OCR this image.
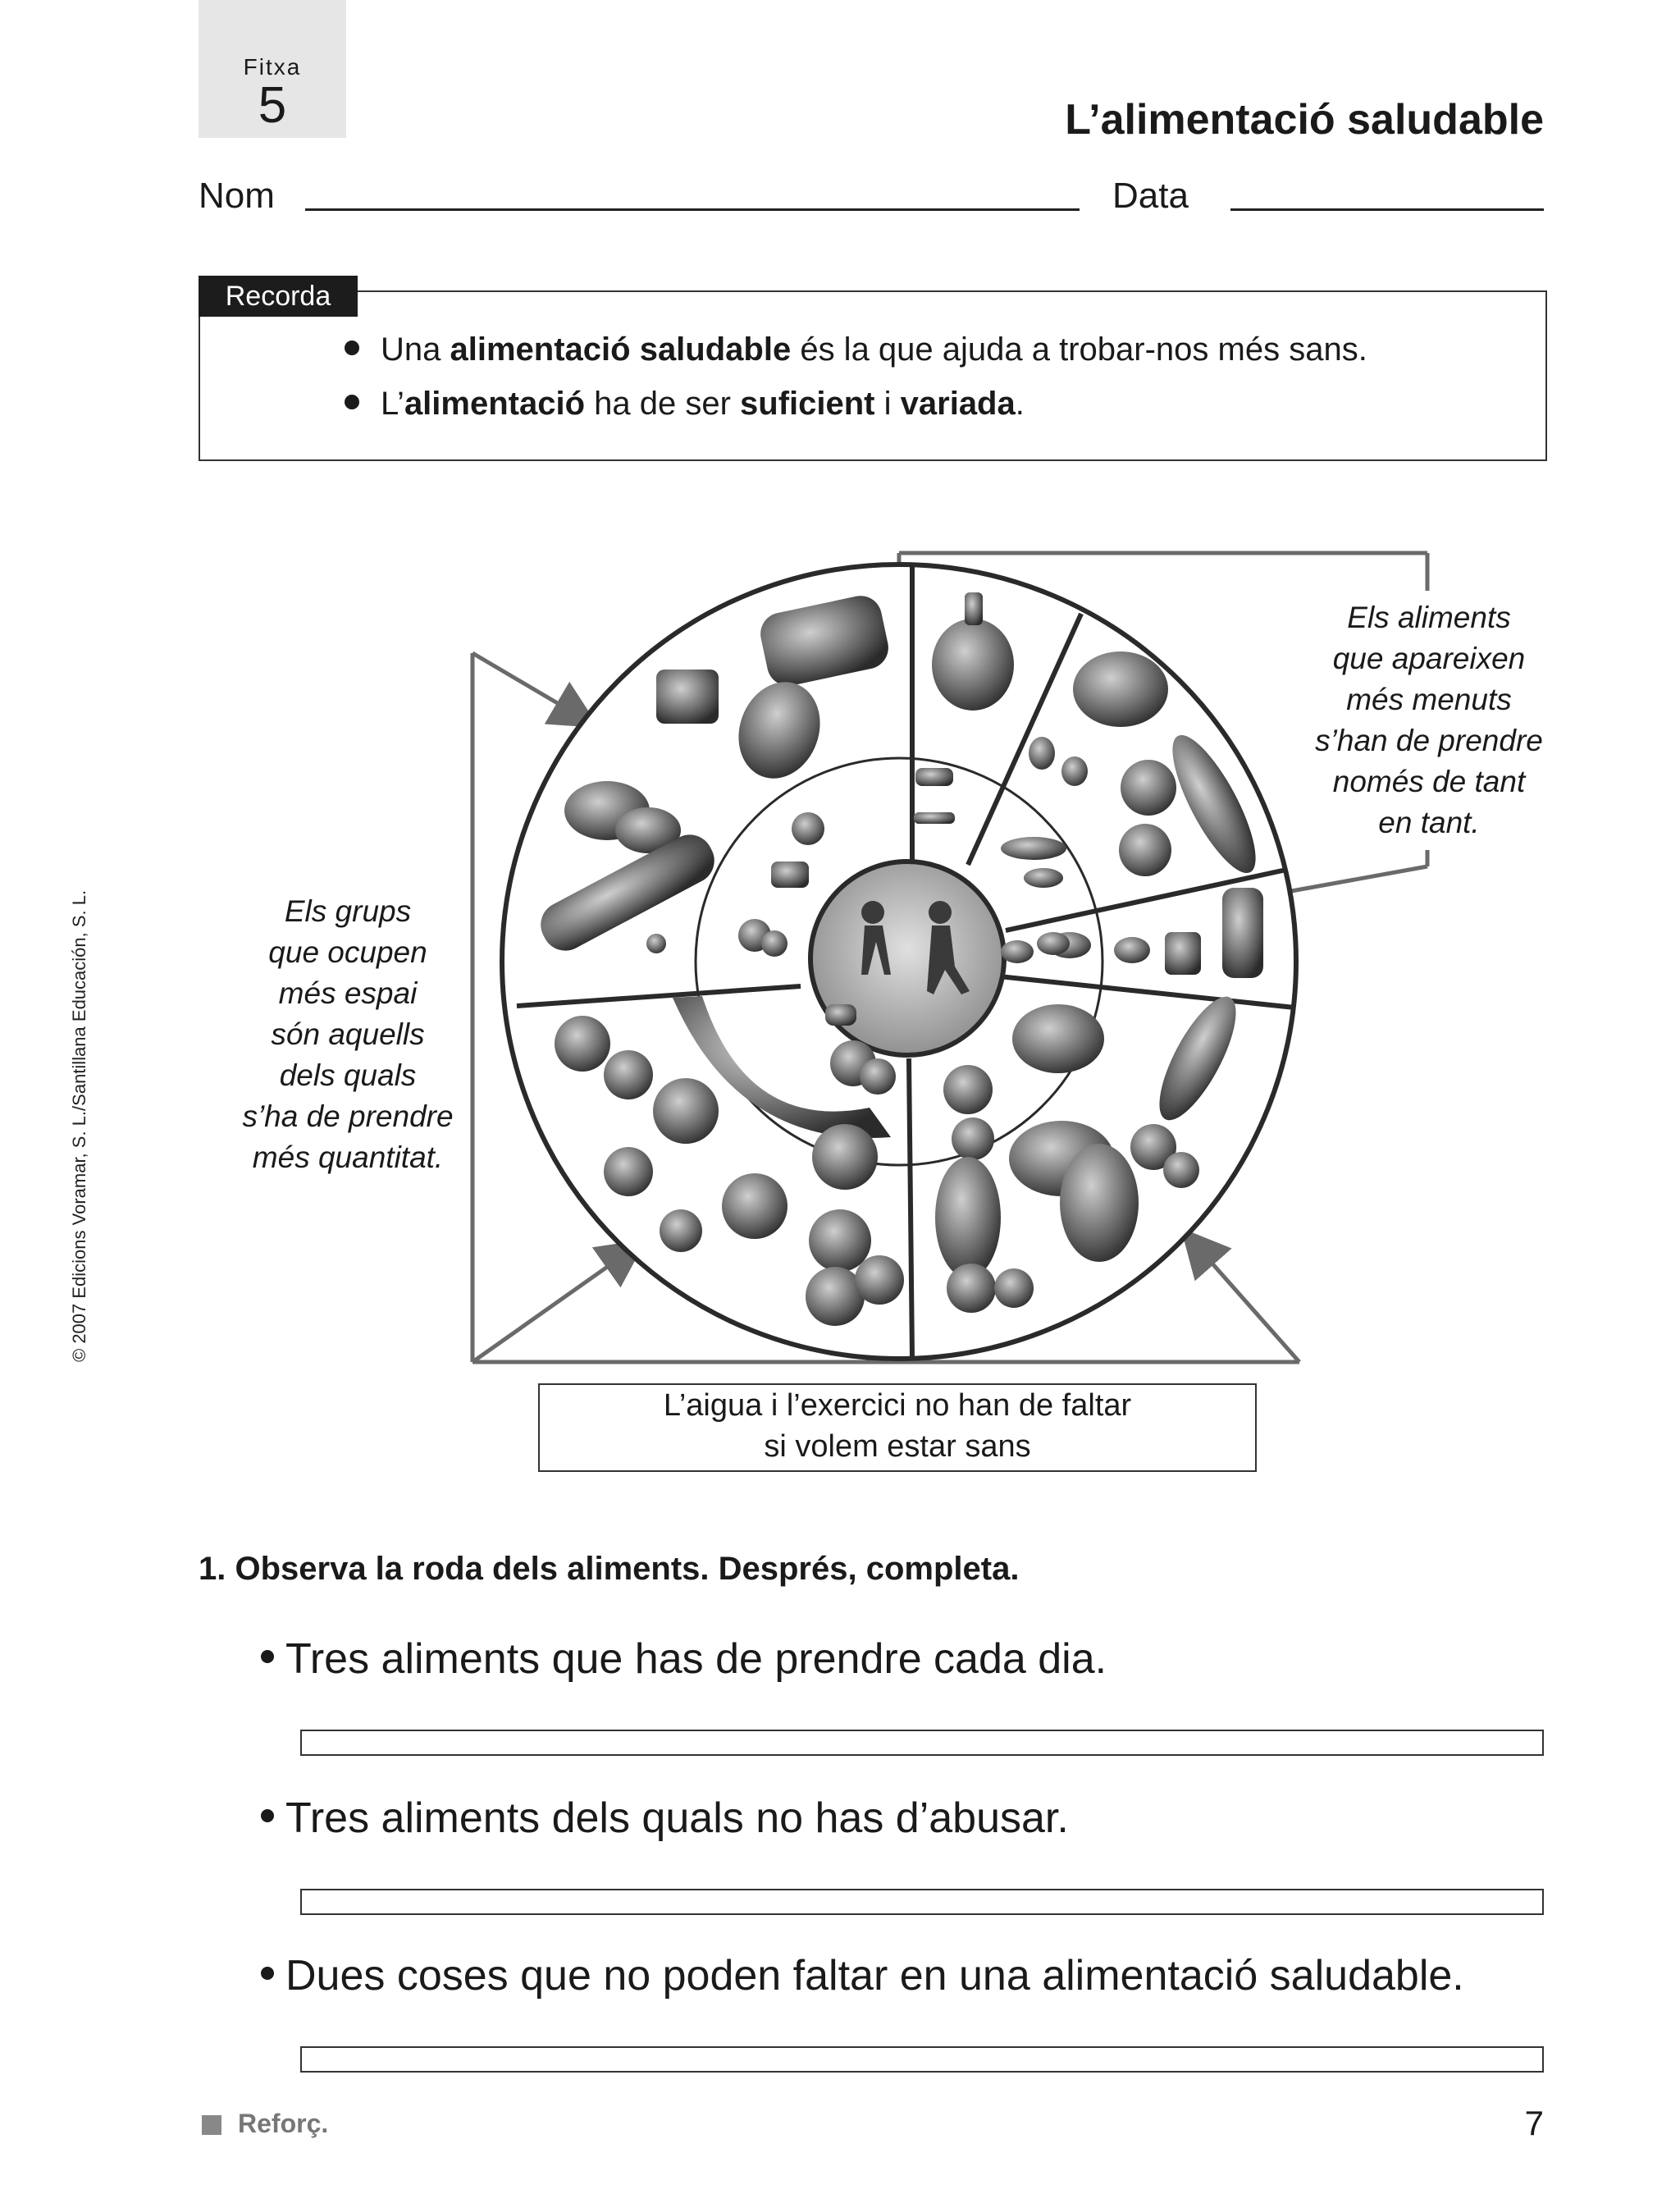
Fitxa
5	L’alimentació saludable
Nom	Data
Recorda
Una alimentació saludable és la que ajuda a trobar-nos més sans.
L’alimentació ha de ser suficient i variada.
© 2007 Edicions Voramar, S. L./Santillana Educación, S. L.	Els grups
que ocupen
més espai
són aquells
dels quals
s’ha de prendre
més quantitat.
Els aliments
que apareixen
més menuts
s’han de prendre
només de tant
en tant.
L’aigua i l’exercici no han de faltar
si volem estar sans
1. Observa la roda dels aliments. Després, completa.
Tres aliments que has de prendre cada dia.
Tres aliments dels quals no has d’abusar.
Dues coses que no poden faltar en una alimentació saludable.
Reforç.	7
